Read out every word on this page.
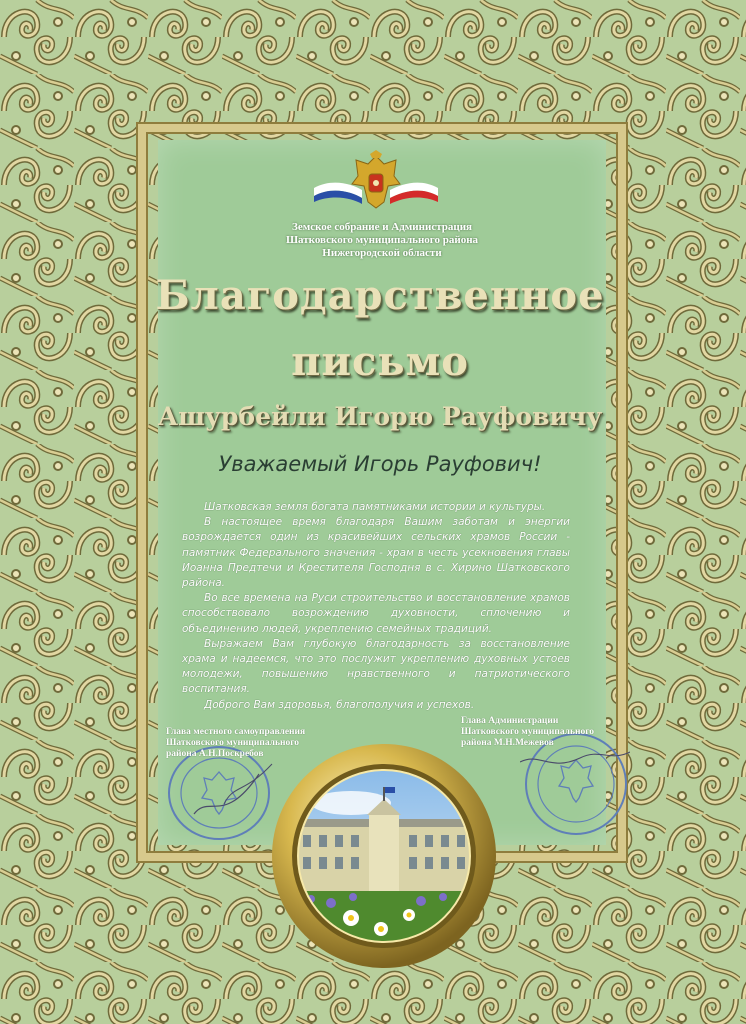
Земское собрание и Администрация
Шатковского муниципального района
Нижегородской области
Благодарственное
письмо
Ашурбейли Игорю Рауфовичу
Уважаемый Игорь Рауфович!

Шатковская земля богата памятниками истории и культуры.

В настоящее время благодаря Вашим заботам и энергии возрождается один из красивейших сельских храмов России - памятник Федерального значения - храм в честь усекновения главы Иоанна Предтечи и Крестителя Господня в с. Хирино Шатковского района.

Во все времена на Руси строительство и восстановление храмов способствовало возрождению духовности, сплочению и объединению людей, укреплению семейных традиций.

Выражаем Вам глубокую благодарность за восстановление храма и надеемся, что это послужит укреплению духовных устоев молодежи, повышению нравственного и патриотического воспитания.

Доброго Вам здоровья, благополучия и успехов.

Глава местного самоуправления
Шатковского муниципального
района А.Н.Поскребов
Глава Администрации
Шатковского муниципального
района М.Н.Межевов
